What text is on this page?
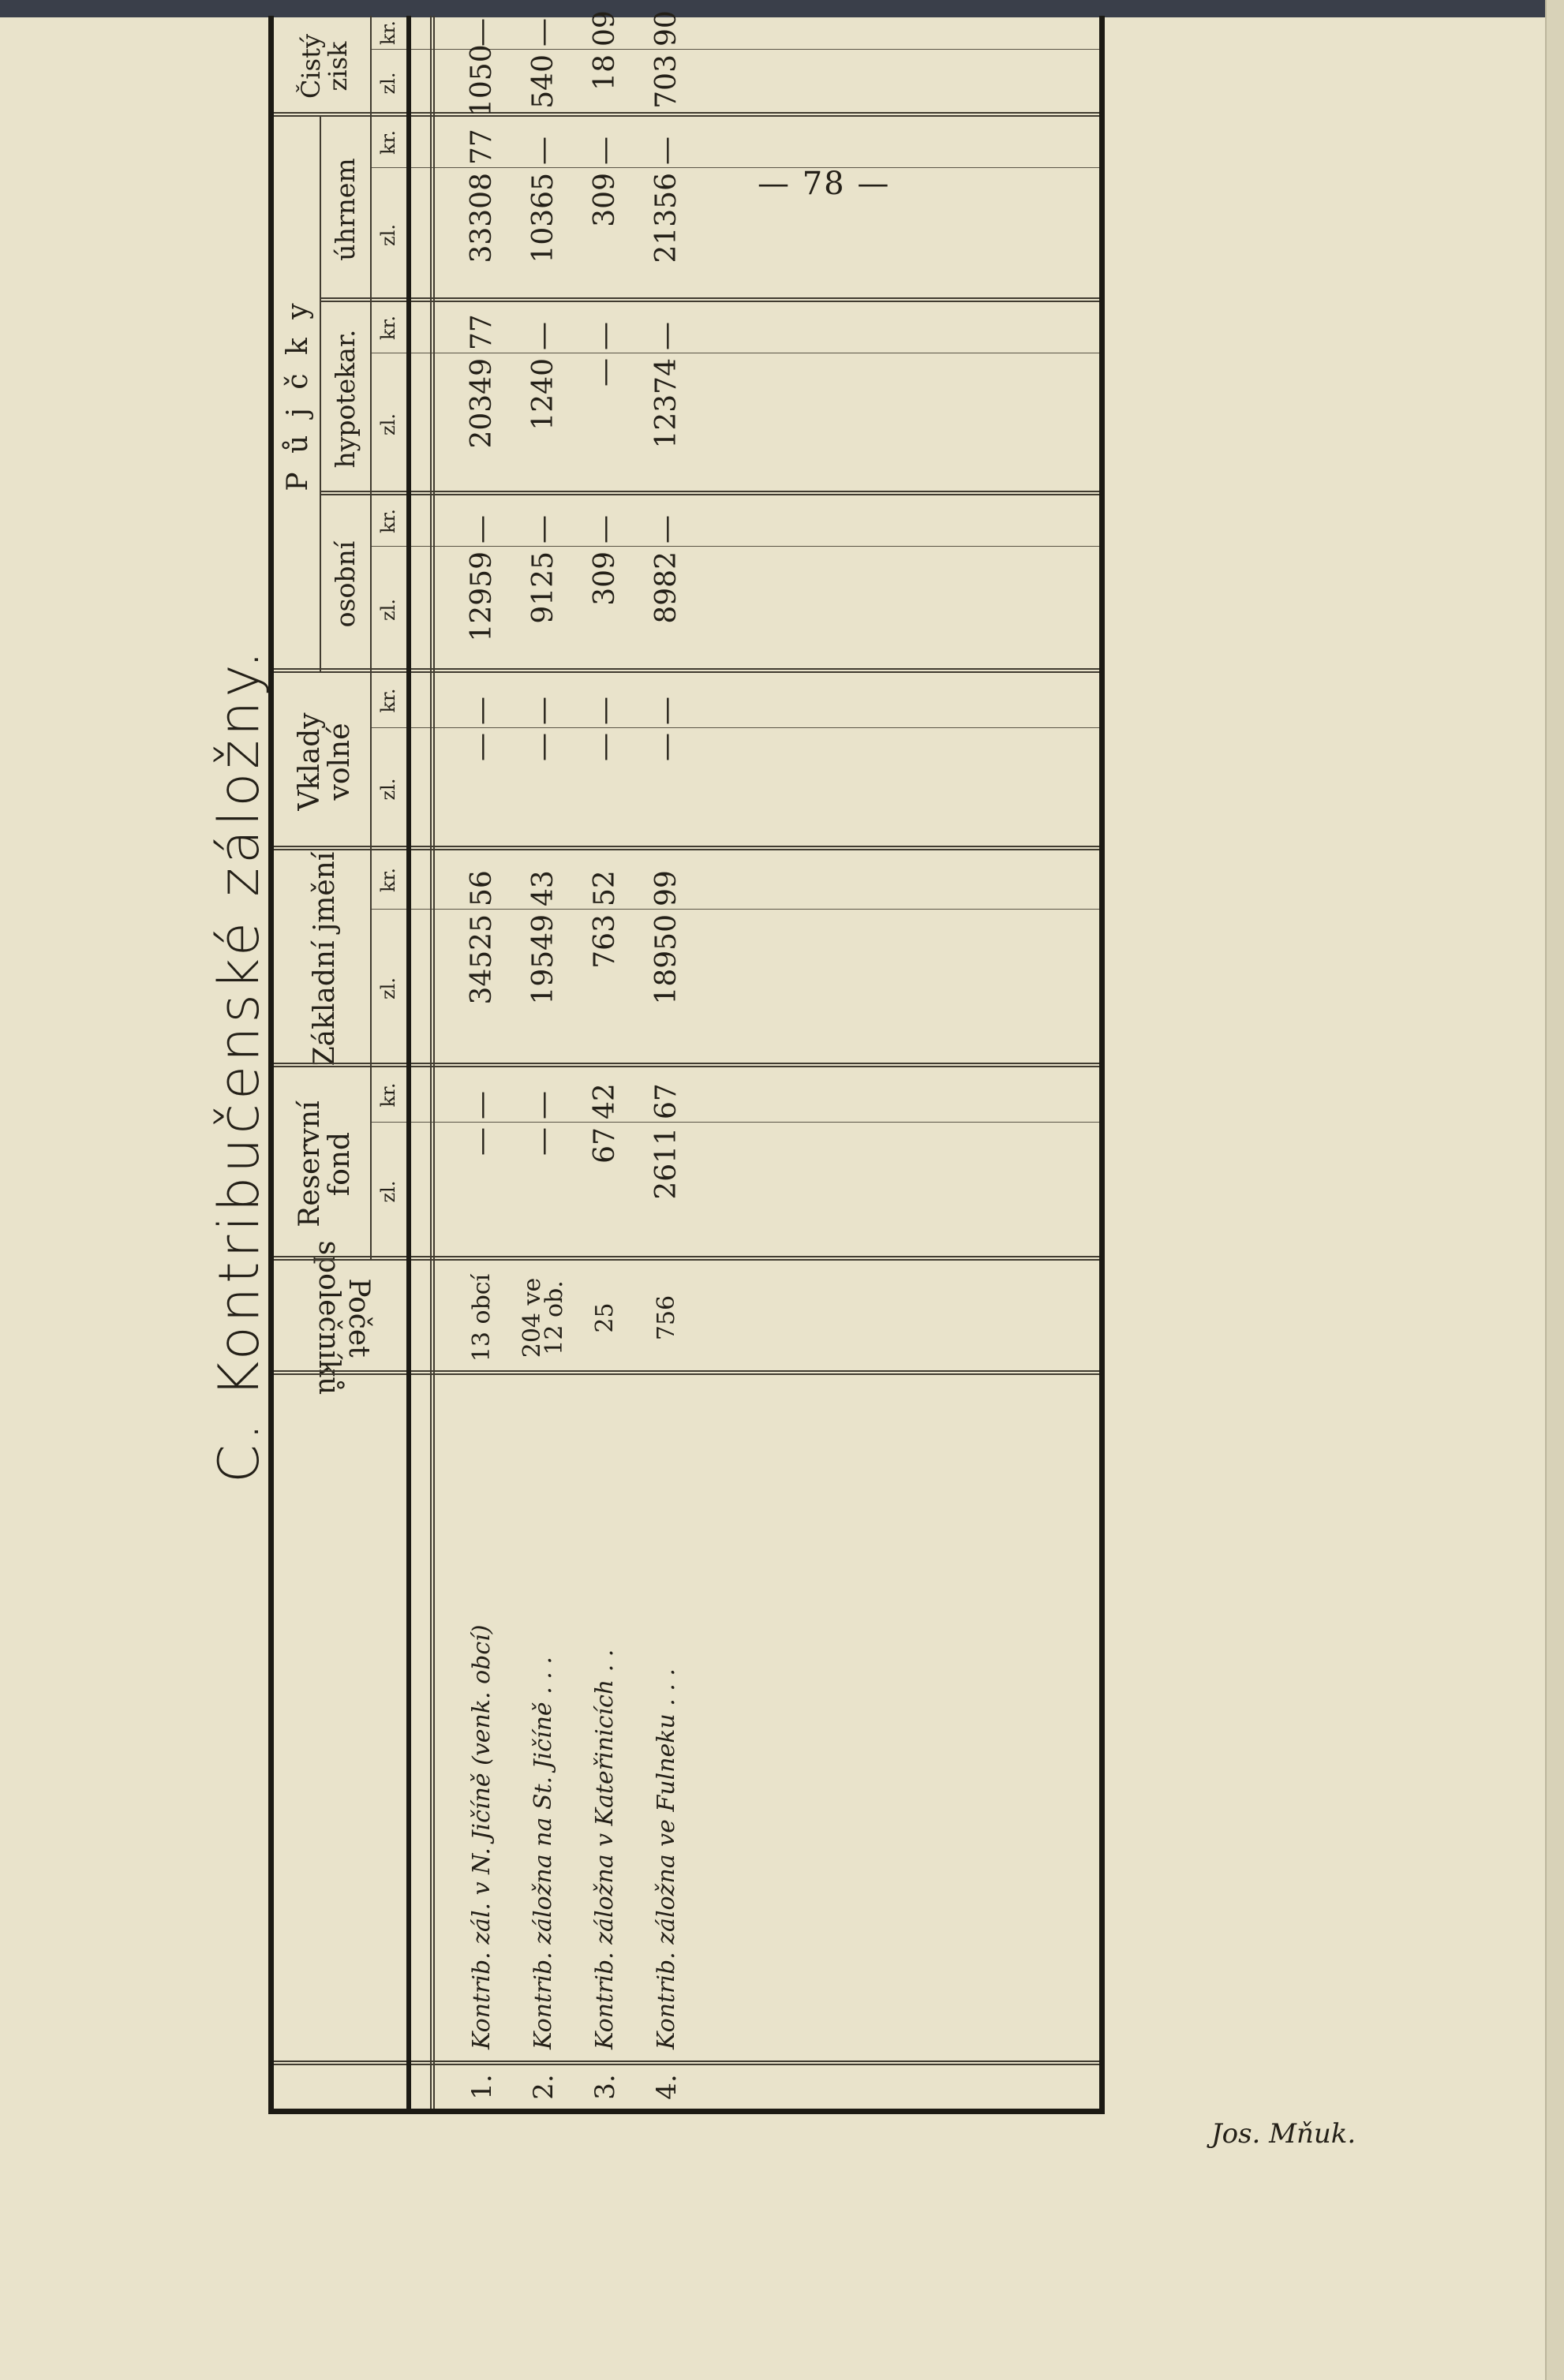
— 78 —
C. Kontribučenské záložny.	Počet společníků
Reservní fond
Základní jmění
Vklady volné
P ů j č k y
osobní
hypotekar.
úhrnem
Čistý zisk
zl.
kr.
zl.
kr.
zl.
kr.
zl.
kr.
zl.
kr.
zl.
kr.
zl.
kr.
1.
Kontrib. zál. v N. Jičíně (venk. obcí)
13 obcí
—
34525
—
12959
20349
33308
1050
—
56
—
—
77
77
—
2.
Kontrib. záložna na St. Jičíně . . .
204 ve 12 ob.
—
19549
—
9125
1240
10365
540
—
43
—
—
—
—
—
3.
Kontrib. záložna v Kateřinicích . .
25
67
763
—
309
—
309
18
42
52
—
—
—
—
09
4.
Kontrib. záložna ve Fulneku . . .
756
2611
18950
—
8982
12374
21356
703
67
99
—
—
—
—
90
Jos. Mňuk.
